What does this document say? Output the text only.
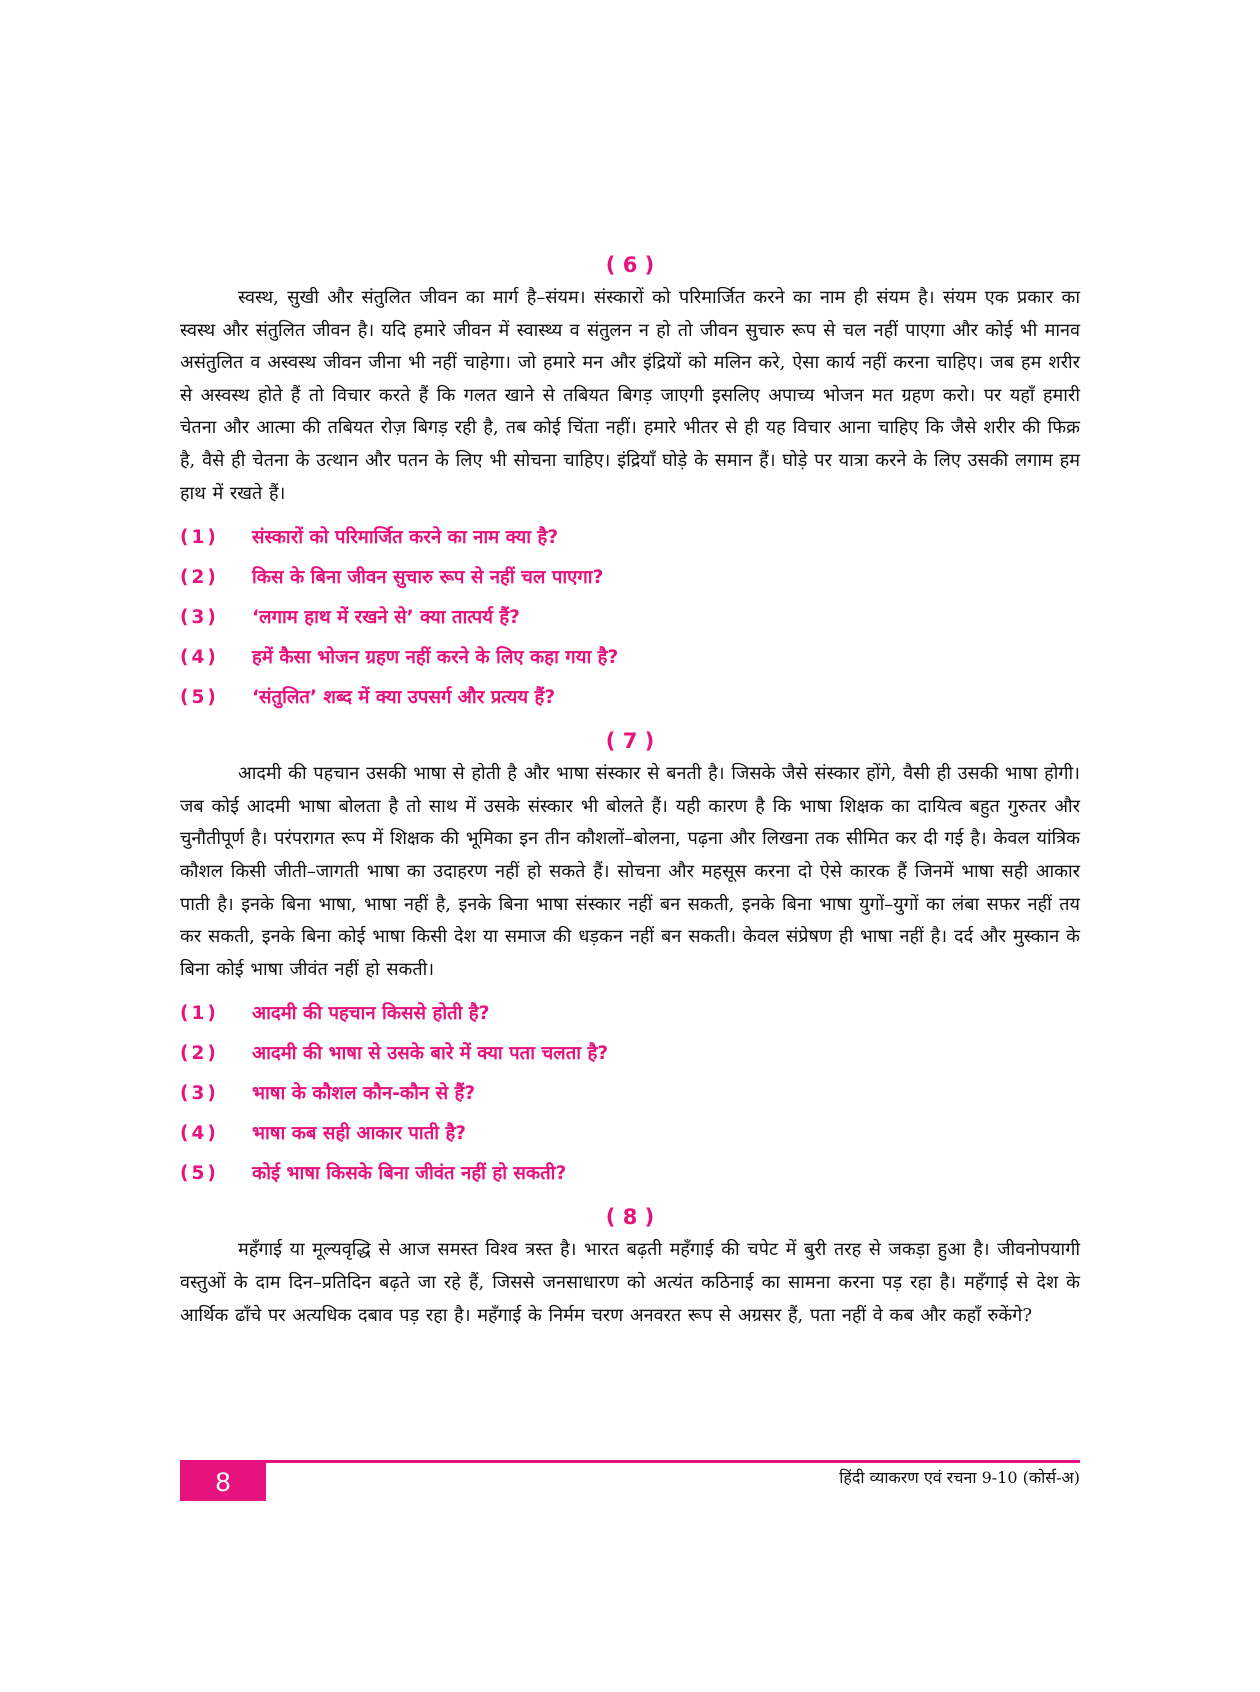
( 6 )

स्वस्थ, सुखी और संतुलित जीवन का मार्ग है–संयम। संस्कारों को परिमार्जित करने का नाम ही संयम है। संयम एक प्रकार का स्वस्थ और संतुलित जीवन है। यदि हमारे जीवन में स्वास्थ्य व संतुलन न हो तो जीवन सुचारु रूप से चल नहीं पाएगा और कोई भी मानव असंतुलित व अस्वस्थ जीवन जीना भी नहीं चाहेगा। जो हमारे मन और इंद्रियों को मलिन करे, ऐसा कार्य नहीं करना चाहिए। जब हम शरीर से अस्वस्थ होते हैं तो विचार करते हैं कि गलत खाने से तबियत बिगड़ जाएगी इसलिए अपाच्य भोजन मत ग्रहण करो। पर यहाँ हमारी चेतना और आत्मा की तबियत रोज़ बिगड़ रही है, तब कोई चिंता नहीं। हमारे भीतर से ही यह विचार आना चाहिए कि जैसे शरीर की फिक्र है, वैसे ही चेतना के उत्थान और पतन के लिए भी सोचना चाहिए। इंद्रियाँ घोड़े के समान हैं। घोड़े पर यात्रा करने के लिए उसकी लगाम हम हाथ में रखते हैं।

(1)	संस्कारों को परिमार्जित करने का नाम क्या है?
(2)	किस के बिना जीवन सुचारु रूप से नहीं चल पाएगा?
(3)	‘लगाम हाथ में रखने से’ क्या तात्पर्य हैं?
(4)	हमें कैसा भोजन ग्रहण नहीं करने के लिए कहा गया है?
(5)	‘संतुलित’ शब्द में क्या उपसर्ग और प्रत्यय हैं?
( 7 )

आदमी की पहचान उसकी भाषा से होती है और भाषा संस्कार से बनती है। जिसके जैसे संस्कार होंगे, वैसी ही उसकी भाषा होगी। जब कोई आदमी भाषा बोलता है तो साथ में उसके संस्कार भी बोलते हैं। यही कारण है कि भाषा शिक्षक का दायित्व बहुत गुरुतर और चुनौतीपूर्ण है। परंपरागत रूप में शिक्षक की भूमिका इन तीन कौशलों–बोलना, पढ़ना और लिखना तक सीमित कर दी गई है। केवल यांत्रिक कौशल किसी जीती–जागती भाषा का उदाहरण नहीं हो सकते हैं। सोचना और महसूस करना दो ऐसे कारक हैं जिनमें भाषा सही आकार पाती है। इनके बिना भाषा, भाषा नहीं है, इनके बिना भाषा संस्कार नहीं बन सकती, इनके बिना भाषा युगों–युगों का लंबा सफर नहीं तय कर सकती, इनके बिना कोई भाषा किसी देश या समाज की धड़कन नहीं बन सकती। केवल संप्रेषण ही भाषा नहीं है। दर्द और मुस्कान के बिना कोई भाषा जीवंत नहीं हो सकती।

(1)	आदमी की पहचान किससे होती है?
(2)	आदमी की भाषा से उसके बारे में क्या पता चलता है?
(3)	भाषा के कौशल कौन-कौन से हैं?
(4)	भाषा कब सही आकार पाती है?
(5)	कोई भाषा किसके बिना जीवंत नहीं हो सकती?
( 8 )

महँगाई या मूल्यवृद्धि से आज समस्त विश्व त्रस्त है। भारत बढ़ती महँगाई की चपेट में बुरी तरह से जकड़ा हुआ है। जीवनोपयागी वस्तुओं के दाम दिन–प्रतिदिन बढ़ते जा रहे हैं, जिससे जनसाधारण को अत्यंत कठिनाई का सामना करना पड़ रहा है। महँगाई से देश के आर्थिक ढाँचे पर अत्यधिक दबाव पड़ रहा है। महँगाई के निर्मम चरण अनवरत रूप से अग्रसर हैं, पता नहीं वे कब और कहाँ रुकेंगे?

8	हिंदी व्याकरण एवं रचना 9-10 (कोर्स-अ)
